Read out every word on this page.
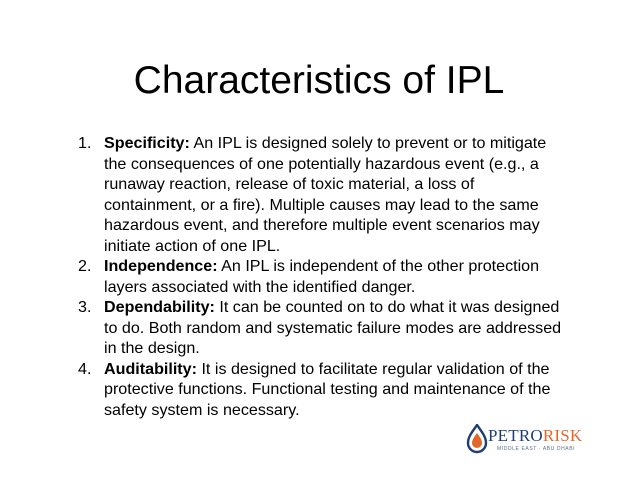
Characteristics of IPL
1. Specificity: An IPL is designed solely to prevent or to mitigate the consequences of one potentially hazardous event (e.g., a runaway reaction, release of toxic material, a loss of containment, or a fire). Multiple causes may lead to the same hazardous event, and therefore multiple event scenarios may initiate action of one IPL.
2. Independence: An IPL is independent of the other protection layers associated with the identified danger.
3. Dependability: It can be counted on to do what it was designed to do. Both random and systematic failure modes are addressed in the design.
4. Auditability: It is designed to facilitate regular validation of the protective functions. Functional testing and maintenance of the safety system is necessary.
PETRORISK
MIDDLE EAST · ABU DHABI
